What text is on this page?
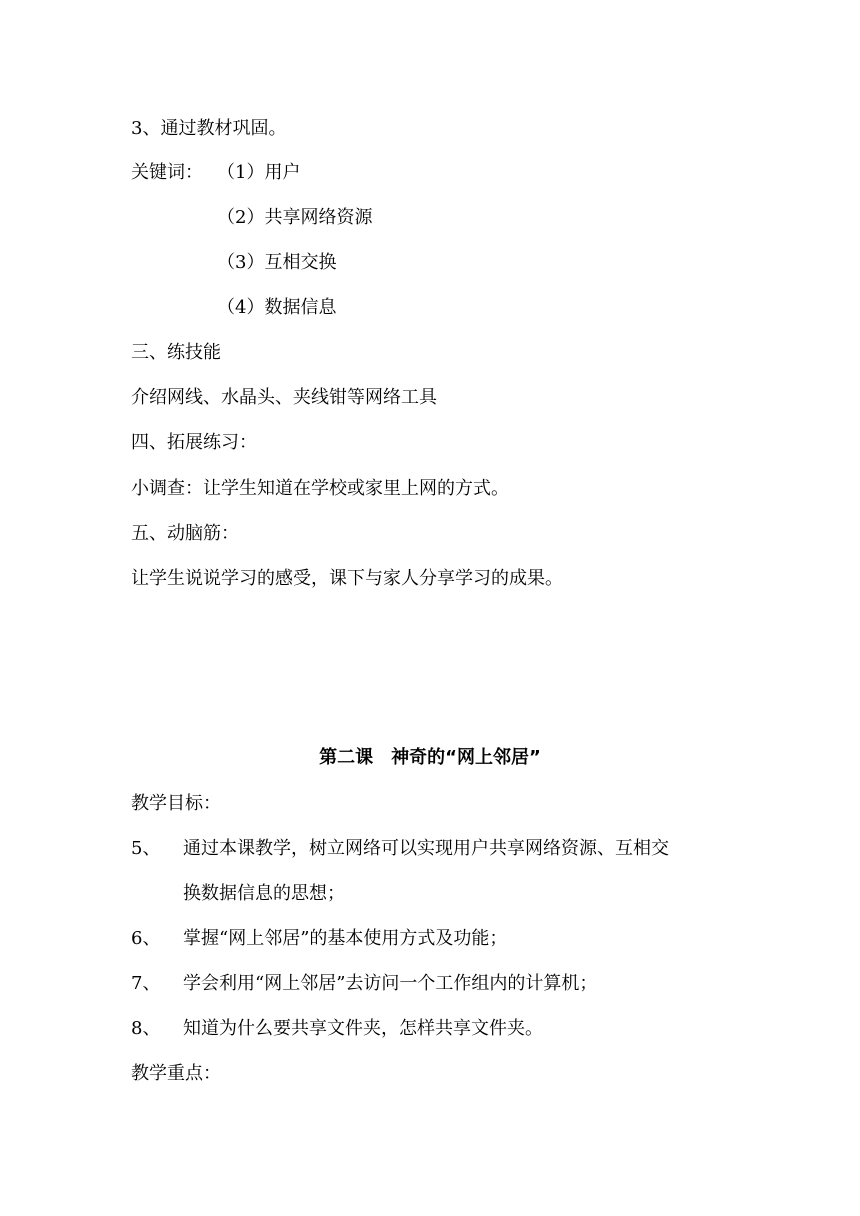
3、通过教材巩固。
关键词： （1）用户
（2）共享网络资源
（3）互相交换
（4）数据信息
三、练技能
介绍网线、水晶头、夹线钳等网络工具
四、拓展练习：
小调查：让学生知道在学校或家里上网的方式。
五、动脑筋：
让学生说说学习的感受，课下与家人分享学习的成果。
第二课　神奇的“网上邻居”
教学目标：
5、 通过本课教学，树立网络可以实现用户共享网络资源、互相交
换数据信息的思想；
6、 掌握“网上邻居”的基本使用方式及功能；
7、 学会利用“网上邻居”去访问一个工作组内的计算机；
8、 知道为什么要共享文件夹，怎样共享文件夹。
教学重点：
